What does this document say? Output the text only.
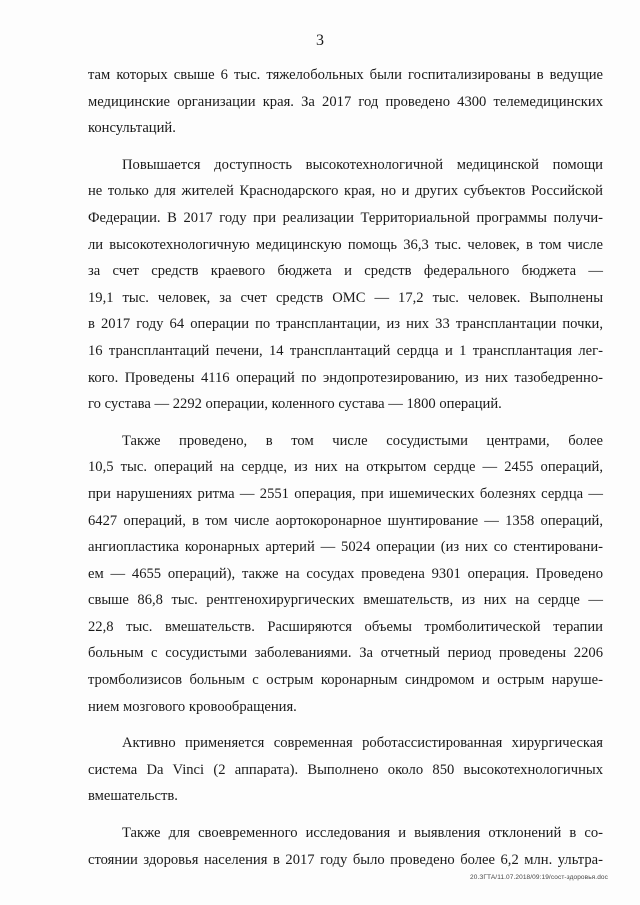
3
там которых свыше 6 тыс. тяжелобольных были госпитализированы в ведущие
медицинские организации края. За 2017 год проведено 4300 телемедицинских
консультаций.
Повышается доступность высокотехнологичной медицинской помощи
не только для жителей Краснодарского края, но и других субъектов Российской
Федерации. В 2017 году при реализации Территориальной программы получи-
ли высокотехнологичную медицинскую помощь 36,3 тыс. человек, в том числе
за счет средств краевого бюджета и средств федерального бюджета —
19,1 тыс. человек, за счет средств ОМС — 17,2 тыс. человек. Выполнены
в 2017 году 64 операции по трансплантации, из них 33 трансплантации почки,
16 трансплантаций печени, 14 трансплантаций сердца и 1 трансплантация лег-
кого. Проведены 4116 операций по эндопротезированию, из них тазобедренно-
го сустава — 2292 операции, коленного сустава — 1800 операций.
Также проведено, в том числе сосудистыми центрами, более
10,5 тыс. операций на сердце, из них на открытом сердце — 2455 операций,
при нарушениях ритма — 2551 операция, при ишемических болезнях сердца —
6427 операций, в том числе аортокоронарное шунтирование — 1358 операций,
ангиопластика коронарных артерий — 5024 операции (из них со стентировани-
ем — 4655 операций), также на сосудах проведена 9301 операция. Проведено
свыше 86,8 тыс. рентгенохирургических вмешательств, из них на сердце —
22,8 тыс. вмешательств. Расширяются объемы тромболитической терапии
больным с сосудистыми заболеваниями. За отчетный период проведены 2206
тромболизисов больным с острым коронарным синдромом и острым наруше-
нием мозгового кровообращения.
Активно применяется современная роботассистированная хирургическая
система Da Vinci (2 аппарата). Выполнено около 850 высокотехнологичных
вмешательств.
Также для своевременного исследования и выявления отклонений в со-
стоянии здоровья населения в 2017 году было проведено более 6,2 млн. ультра-
20.ЗГТА/11.07.2018/09:19/сост-здоровья.doc
